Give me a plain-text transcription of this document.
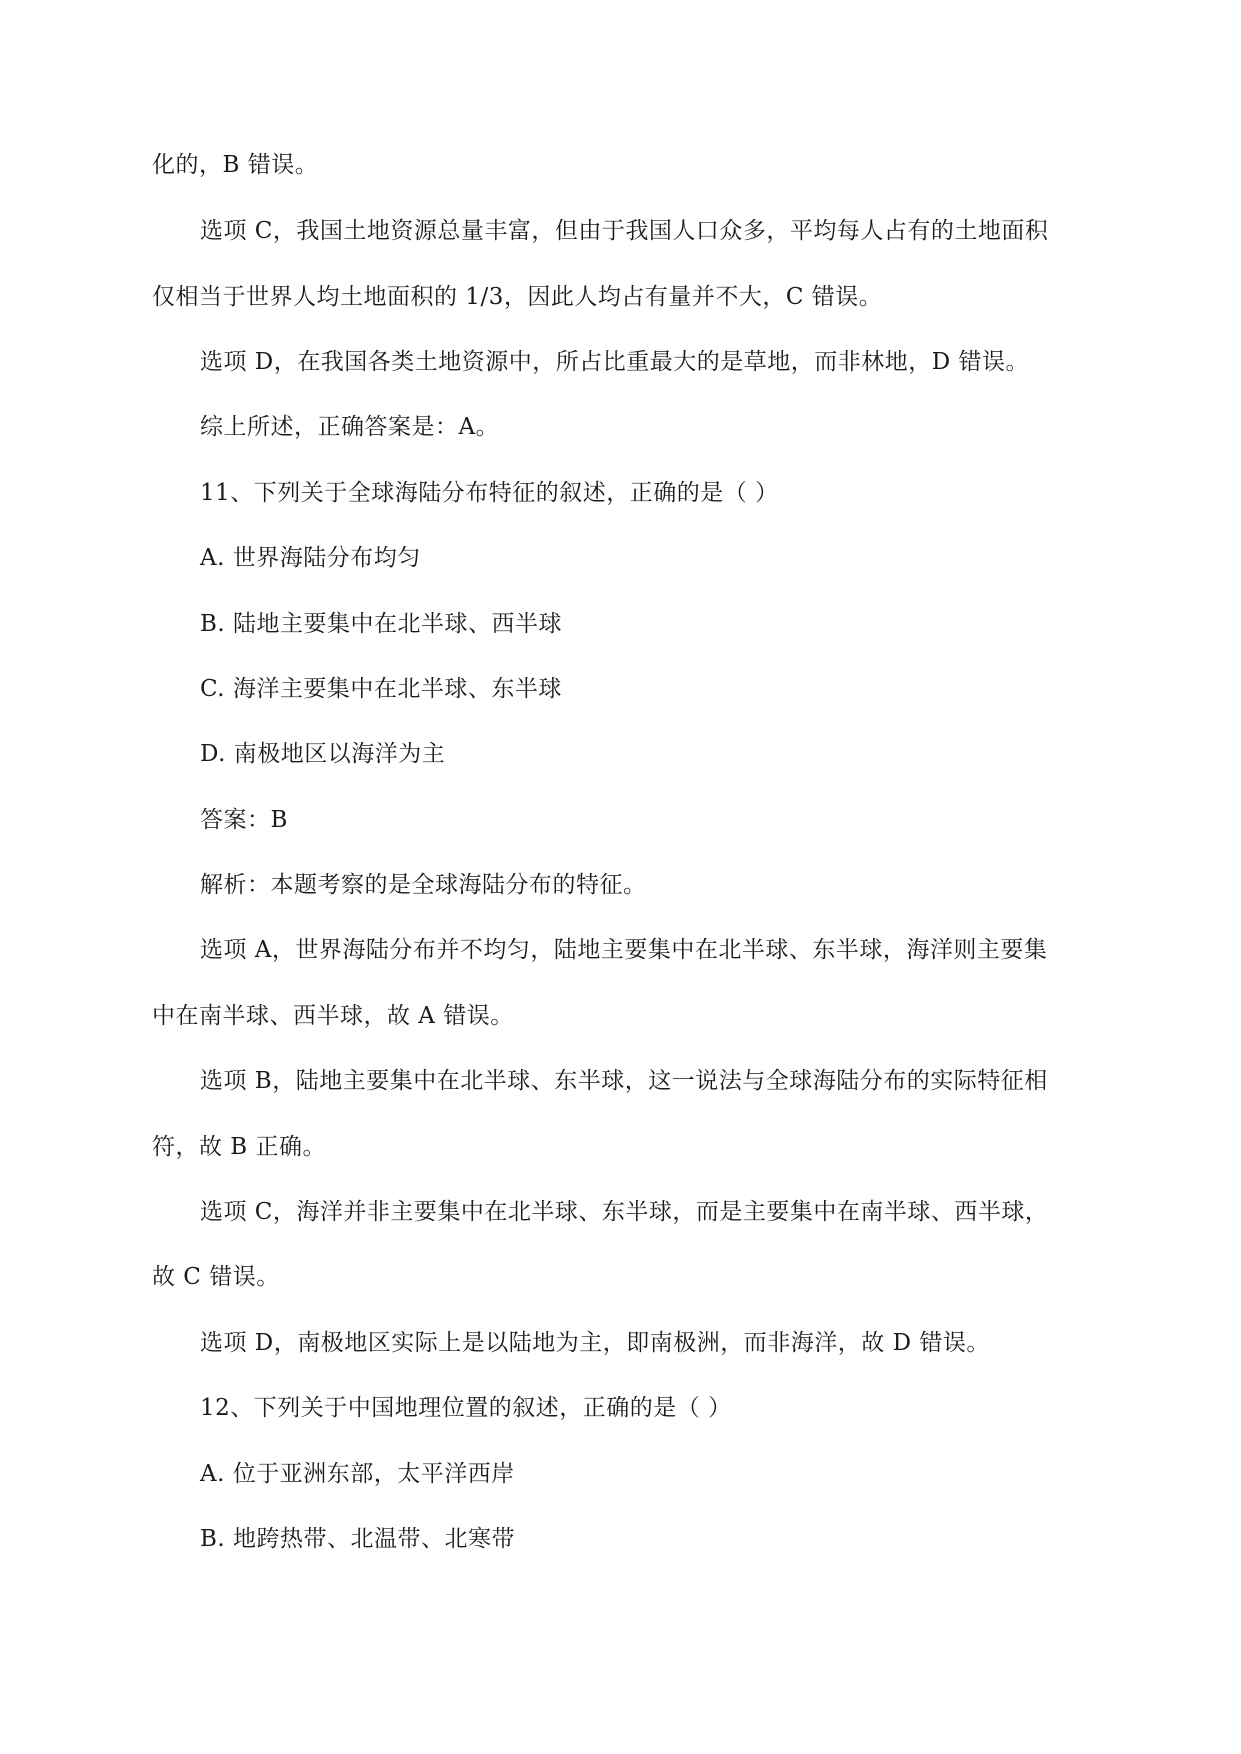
化的，B 错误。
选项 C，我国土地资源总量丰富，但由于我国人口众多，平均每人占有的土地面积
仅相当于世界人均土地面积的 1/3，因此人均占有量并不大，C 错误。
选项 D，在我国各类土地资源中，所占比重最大的是草地，而非林地，D 错误。
综上所述，正确答案是：A。
11、下列关于全球海陆分布特征的叙述，正确的是（ ）
A. 世界海陆分布均匀
B. 陆地主要集中在北半球、西半球
C. 海洋主要集中在北半球、东半球
D. 南极地区以海洋为主
答案：B
解析：本题考察的是全球海陆分布的特征。
选项 A，世界海陆分布并不均匀，陆地主要集中在北半球、东半球，海洋则主要集
中在南半球、西半球，故 A 错误。
选项 B，陆地主要集中在北半球、东半球，这一说法与全球海陆分布的实际特征相
符，故 B 正确。
选项 C，海洋并非主要集中在北半球、东半球，而是主要集中在南半球、西半球，
故 C 错误。
选项 D，南极地区实际上是以陆地为主，即南极洲，而非海洋，故 D 错误。
12、下列关于中国地理位置的叙述，正确的是（ ）
A. 位于亚洲东部，太平洋西岸
B. 地跨热带、北温带、北寒带
